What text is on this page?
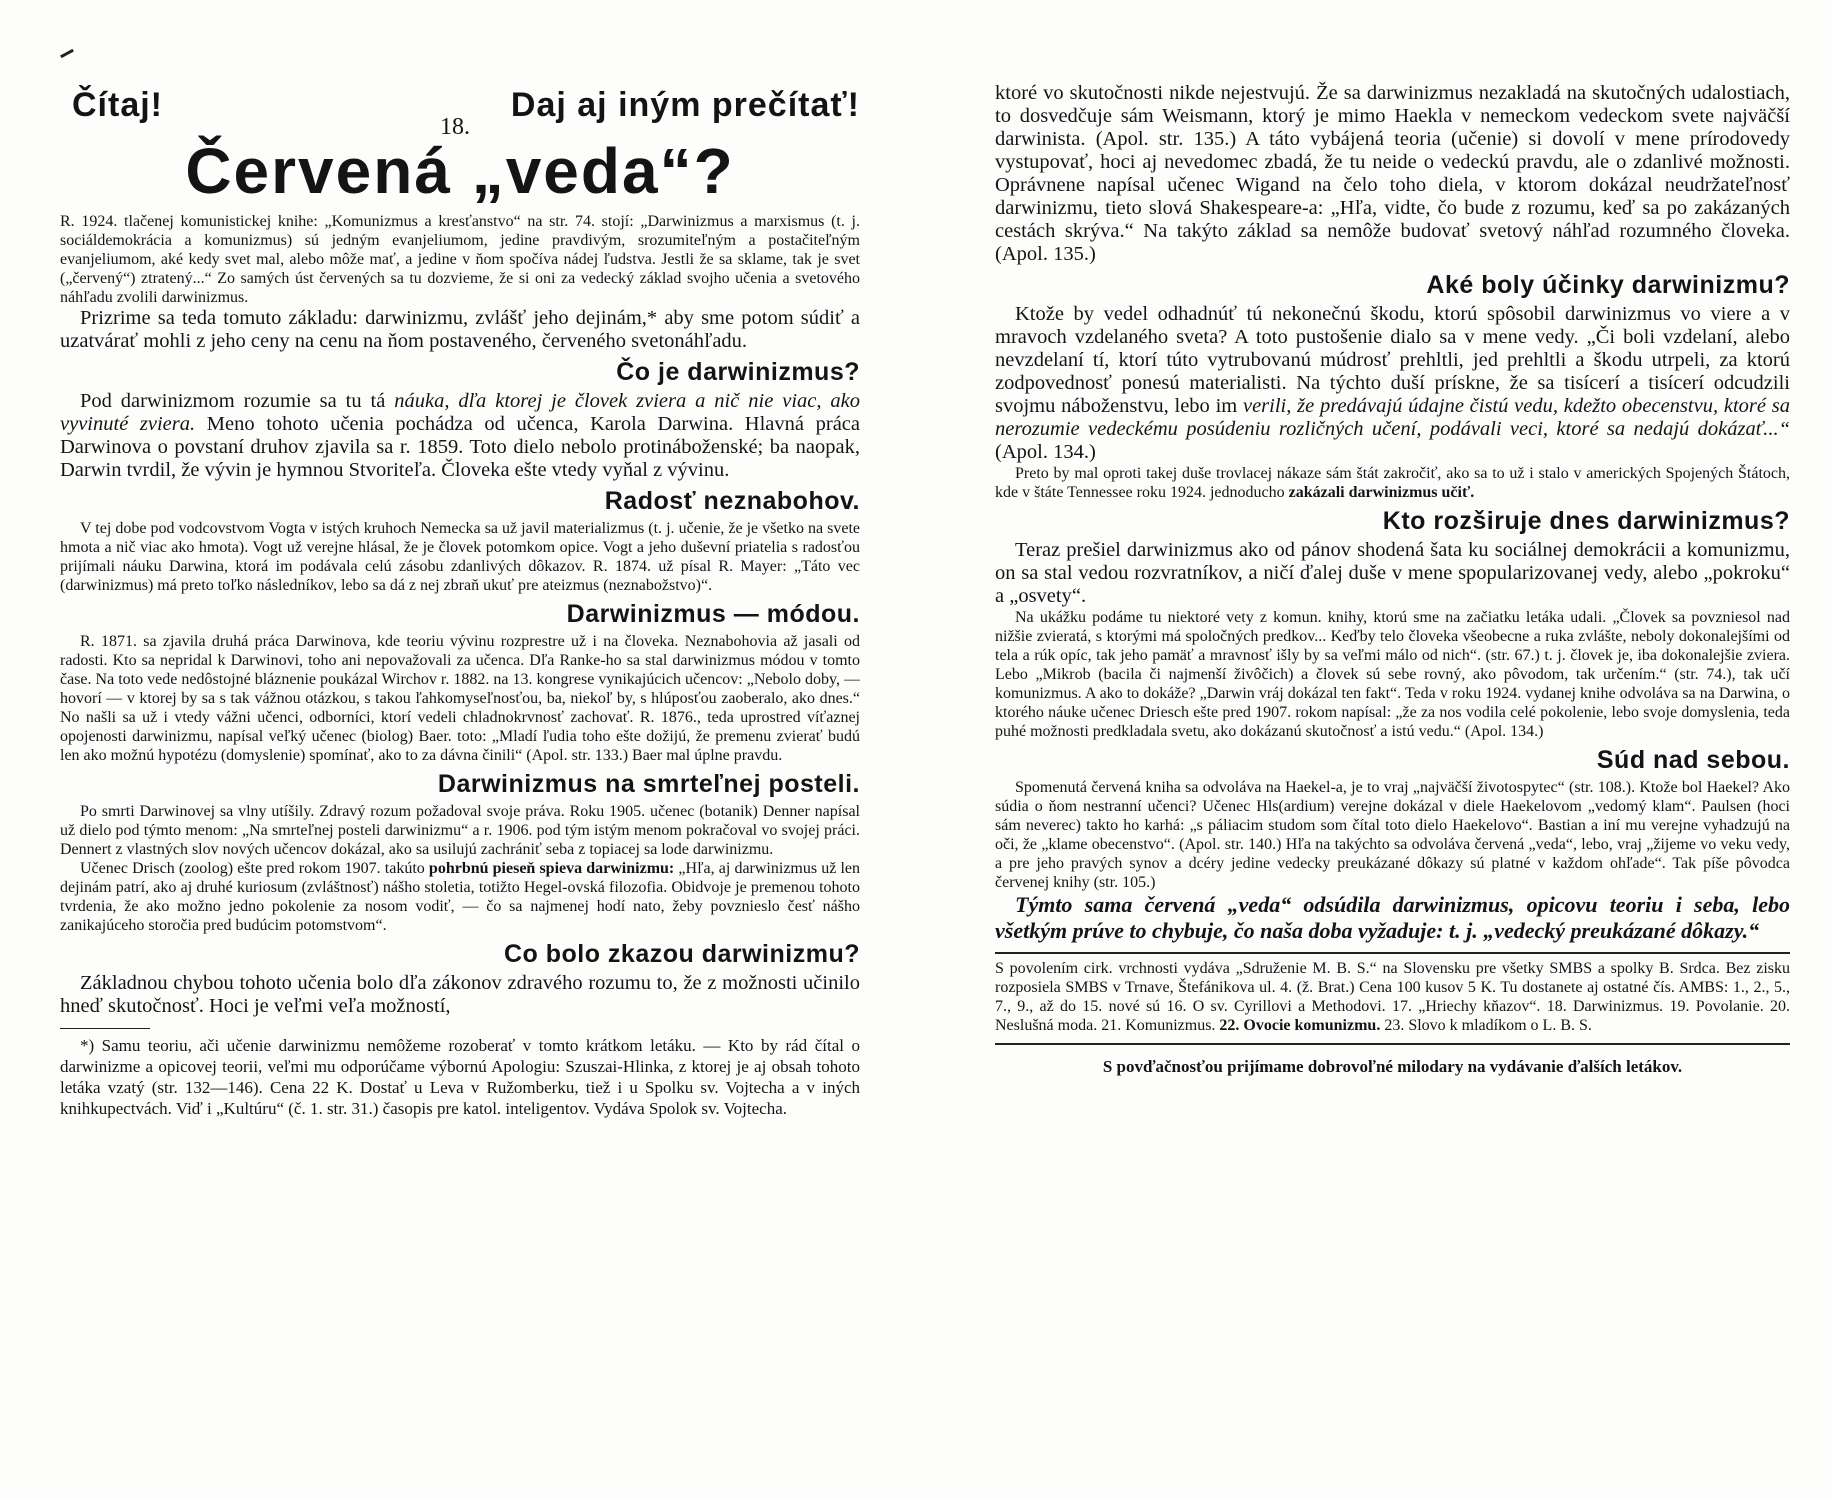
Čítaj!
18.
Daj aj iným prečítať!
Červená „veda“?

R. 1924. tlačenej komunistickej knihe: „Komunizmus a kresťanstvo“ na str. 74. stojí: „Darwinizmus a marxismus (t. j. sociáldemokrácia a komunizmus) sú jedným evanjeliumom, jedine pravdivým, srozumiteľným a postačiteľným evanjeliumom, aké kedy svet mal, alebo môže mať, a jedine v ňom spočíva nádej ľudstva. Jestli že sa sklame, tak je svet („červený“) ztratený...“ Zo samých úst červených sa tu dozvieme, že si oni za vedecký základ svojho učenia a svetového náhľadu zvolili darwinizmus.

Prizrime sa teda tomuto základu: darwinizmu, zvlášť jeho dejinám,* aby sme potom súdiť a uzatvárať mohli z jeho ceny na cenu na ňom postaveného, červeného svetonáhľadu.

Čo je darwinizmus?

Pod darwinizmom rozumie sa tu tá náuka, dľa ktorej je človek zviera a nič nie viac, ako vyvinuté zviera. Meno tohoto učenia pochádza od učenca, Karola Darwina. Hlavná práca Darwinova o povstaní druhov zjavila sa r. 1859. Toto dielo nebolo protináboženské; ba naopak, Darwin tvrdil, že vývin je hymnou Stvoriteľa. Človeka ešte vtedy vyňal z vývinu.

Radosť neznabohov.

V tej dobe pod vodcovstvom Vogta v istých kruhoch Nemecka sa už javil materializmus (t. j. učenie, že je všetko na svete hmota a nič viac ako hmota). Vogt už verejne hlásal, že je človek potomkom opice. Vogt a jeho duševní priatelia s radosťou prijímali náuku Darwina, ktorá im podávala celú zásobu zdanlivých dôkazov. R. 1874. už písal R. Mayer: „Táto vec (darwinizmus) má preto toľko následníkov, lebo sa dá z nej zbraň ukuť pre ateizmus (neznabožstvo)“.

Darwinizmus — módou.

R. 1871. sa zjavila druhá práca Darwinova, kde teoriu vývinu rozprestre už i na človeka. Neznabohovia až jasali od radosti. Kto sa nepridal k Darwinovi, toho ani nepovažovali za učenca. Dľa Ranke-ho sa stal darwinizmus módou v tomto čase. Na toto vede nedôstojné bláznenie poukázal Wirchov r. 1882. na 13. kongrese vynikajúcich učencov: „Nebolo doby, — hovorí — v ktorej by sa s tak vážnou otázkou, s takou ľahkomyseľnosťou, ba, niekoľ by, s hlúposťou zaoberalo, ako dnes.“ No našli sa už i vtedy vážni učenci, odborníci, ktorí vedeli chladnokrvnosť zachovať. R. 1876., teda uprostred víťaznej opojenosti darwinizmu, napísal veľký učenec (biolog) Baer. toto: „Mladí ľudia toho ešte dožijú, že premenu zvierať budú len ako možnú hypotézu (domyslenie) spomínať, ako to za dávna činili“ (Apol. str. 133.) Baer mal úplne pravdu.

Darwinizmus na smrteľnej posteli.

Po smrti Darwinovej sa vlny utíšily. Zdravý rozum požadoval svoje práva. Roku 1905. učenec (botanik) Denner napísal už dielo pod týmto menom: „Na smrteľnej posteli darwinizmu“ a r. 1906. pod tým istým menom pokračoval vo svojej práci. Dennert z vlastných slov nových učencov dokázal, ako sa usilujú zachrániť seba z topiacej sa lode darwinizmu.

Učenec Drisch (zoolog) ešte pred rokom 1907. takúto pohrbnú pieseň spieva darwinizmu: „Hľa, aj darwinizmus už len dejinám patrí, ako aj druhé kuriosum (zvláštnosť) nášho stoletia, totižto Hegel-ovská filozofia. Obidvoje je premenou tohoto tvrdenia, že ako možno jedno pokolenie za nosom vodiť, — čo sa najmenej hodí nato, žeby povznieslo česť nášho zanikajúceho storočia pred budúcim potomstvom“.

Co bolo zkazou darwinizmu?

Základnou chybou tohoto učenia bolo dľa zákonov zdravého rozumu to, že z možnosti učinilo hneď skutočnosť. Hoci je veľmi veľa možností,

*) Samu teoriu, ači učenie darwinizmu nemôžeme rozoberať v tomto krátkom letáku. — Kto by rád čítal o darwinizme a opicovej teorii, veľmi mu odporúčame výbornú Apologiu: Szuszai-Hlinka, z ktorej je aj obsah tohoto letáka vzatý (str. 132—146). Cena 22 K. Dostať u Leva v Ružomberku, tiež i u Spolku sv. Vojtecha a v iných knihkupectvách. Viď i „Kultúru“ (č. 1. str. 31.) časopis pre katol. inteligentov. Vydáva Spolok sv. Vojtecha.

ktoré vo skutočnosti nikde nejestvujú. Že sa darwinizmus nezakladá na skutočných udalostiach, to dosvedčuje sám Weismann, ktorý je mimo Haekla v nemeckom vedeckom svete najväčší darwinista. (Apol. str. 135.) A táto vybájená teoria (učenie) si dovolí v mene prírodovedy vystupovať, hoci aj nevedomec zbadá, že tu neide o vedeckú pravdu, ale o zdanlivé možnosti. Oprávnene napísal učenec Wigand na čelo toho diela, v ktorom dokázal neudržateľnosť darwinizmu, tieto slová Shakespeare-a: „Hľa, vidte, čo bude z rozumu, keď sa po zakázaných cestách skrýva.“ Na takýto základ sa nemôže budovať svetový náhľad rozumného človeka. (Apol. 135.)

Aké boly účinky darwinizmu?

Ktože by vedel odhadnúť tú nekonečnú škodu, ktorú spôsobil darwinizmus vo viere a v mravoch vzdelaného sveta? A toto pustošenie dialo sa v mene vedy. „Či boli vzdelaní, alebo nevzdelaní tí, ktorí túto vytrubovanú múdrosť prehltli, jed prehltli a škodu utrpeli, za ktorú zodpovednosť ponesú materialisti. Na týchto duší prískne, že sa tisícerí a tisícerí odcudzili svojmu náboženstvu, lebo im verili, že predávajú údajne čistú vedu, kdežto obecenstvu, ktoré sa nerozumie vedeckému posúdeniu rozličných učení, podávali veci, ktoré sa nedajú dokázať...“ (Apol. 134.)

Preto by mal oproti takej duše trovlacej nákaze sám štát zakročiť, ako sa to už i stalo v amerických Spojených Štátoch, kde v štáte Tennessee roku 1924. jednoducho zakázali darwinizmus učiť.

Kto rozširuje dnes darwinizmus?

Teraz prešiel darwinizmus ako od pánov shodená šata ku sociálnej demokrácii a komunizmu, on sa stal vedou rozvratníkov, a ničí ďalej duše v mene spopularizovanej vedy, alebo „pokroku“ a „osvety“.

Na ukážku podáme tu niektoré vety z komun. knihy, ktorú sme na začiatku letáka udali. „Človek sa povzniesol nad nižšie zvieratá, s ktorými má spoločných predkov... Keďby telo človeka všeobecne a ruka zvlášte, neboly dokonalejšími od tela a rúk opíc, tak jeho pamäť a mravnosť išly by sa veľmi málo od nich“. (str. 67.) t. j. človek je, iba dokonalejšie zviera. Lebo „Mikrob (bacila či najmenší živôčich) a človek sú sebe rovný, ako pôvodom, tak určením.“ (str. 74.), tak učí komunizmus. A ako to dokáže? „Darwin vráj dokázal ten fakt“. Teda v roku 1924. vydanej knihe odvoláva sa na Darwina, o ktorého náuke učenec Driesch ešte pred 1907. rokom napísal: „že za nos vodila celé pokolenie, lebo svoje domyslenia, teda puhé možnosti predkladala svetu, ako dokázanú skutočnosť a istú vedu.“ (Apol. 134.)

Súd nad sebou.

Spomenutá červená kniha sa odvoláva na Haekel-a, je to vraj „najväčší životospytec“ (str. 108.). Ktože bol Haekel? Ako súdia o ňom nestranní učenci? Učenec Hls(ardium) verejne dokázal v diele Haekelovom „vedomý klam“. Paulsen (hoci sám neverec) takto ho karhá: „s páliacim studom som čítal toto dielo Haekelovo“. Bastian a iní mu verejne vyhadzujú na oči, že „klame obecenstvo“. (Apol. str. 140.) Hľa na takýchto sa odvoláva červená „veda“, lebo, vraj „žijeme vo veku vedy, a pre jeho pravých synov a dcéry jedine vedecky preukázané dôkazy sú platné v každom ohľade“. Tak píše pôvodca červenej knihy (str. 105.)

Týmto sama červená „veda“ odsúdila darwinizmus, opicovu teoriu i seba, lebo všetkým prúve to chybuje, čo naša doba vyžaduje: t. j. „vedecký preukázané dôkazy.“

S povolením cirk. vrchnosti vydáva „Sdruženie M. B. S.“ na Slovensku pre všetky SMBS a spolky B. Srdca. Bez zisku rozposiela SMBS v Trnave, Štefánikova ul. 4. (ž. Brat.) Cena 100 kusov 5 K. Tu dostanete aj ostatné čís. AMBS: 1., 2., 5., 7., 9., až do 15. nové sú 16. O sv. Cyrillovi a Methodovi. 17. „Hriechy kňazov“. 18. Darwinizmus. 19. Povolanie. 20. Neslušná moda. 21. Komunizmus. 22. Ovocie komunizmu. 23. Slovo k mladíkom o L. B. S.

S povďačnosťou prijímame dobrovoľné milodary na vydávanie ďalších letákov.
